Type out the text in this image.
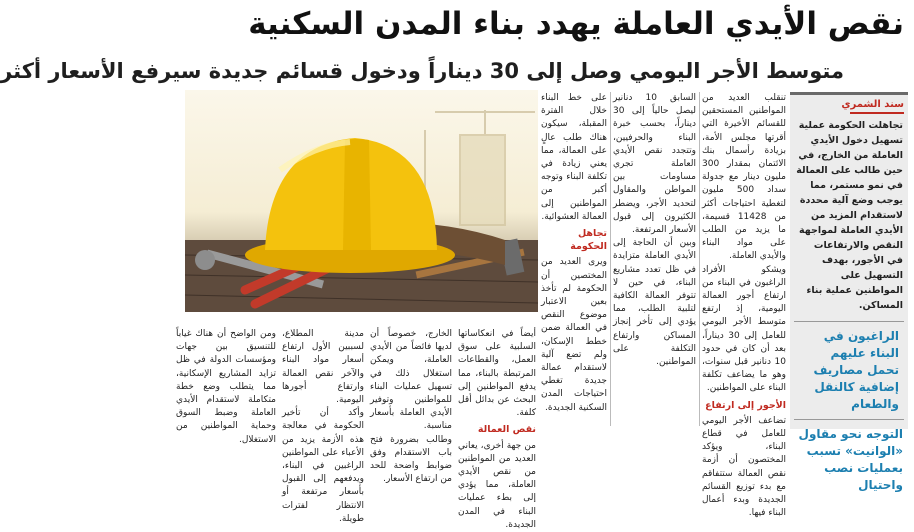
نقص الأيدي العاملة يهدد بناء المدن السكنية
متوسط الأجر اليومي وصل إلى 30 ديناراً ودخول قسائم جديدة سيرفع الأسعار أكثر
سند الشمري
تجاهلت الحكومة عملية تسهيل دخول الأيدي العاملة من الخارج، في حين طالب على العمالة في نمو مستمر، مما يوجب وضع آلية محددة لاستقدام المزيد من الأيدي العاملة لمواجهة النقص والارتفاعات في الأجور، بهدف التسهيل على المواطنين عملية بناء المساكن.
الراغبون في البناء عليهم تحمل مصاريف إضافية كالنقل والطعام
التوجه نحو مقاول «الوانيت» تسبب بعمليات نصب واحتيال

تنقلب العديد من المواطنين المستحقين للقسائم الأخيرة التي أقرتها مجلس الأمة، بزيادة رأسمال بنك الائتمان بمقدار 300 مليون دينار مع جدولة سداد 500 مليون لتغطية احتياجات أكثر من 11428 قسيمة، ما يزيد من الطلب على مواد البناء والأيدي العاملة.

ويشكو الأفراد الراغبون في البناء من ارتفاع أجور العمالة اليومية، إذ ارتفع متوسط الأجر اليومي للعامل إلى 30 ديناراً، بعد أن كان في حدود 10 دنانير قبل سنوات، وهو ما يضاعف تكلفة البناء على المواطنين.

الأجور إلى ارتفاع

تضاعف الأجر اليومي للعامل في قطاع البناء، ويؤكد المختصون أن أزمة نقص العمالة ستتفاقم مع بدء توزيع القسائم الجديدة وبدء أعمال البناء فيها.

السابق 10 دنانير ليصل حالياً إلى 30 ديناراً، بحسب خبرة البناء والحرفيين، وتتجدد نقص الأيدي العاملة تجري مساومات بين المواطن والمقاول لتحديد الأجر، ويضطر الكثيرون إلى قبول الأسعار المرتفعة.

وبين أن الحاجة إلى الأيدي العاملة متزايدة في ظل تعدد مشاريع البناء، في حين لا تتوفر العمالة الكافية لتلبية الطلب، مما يؤدي إلى تأخر إنجاز المساكن وارتفاع التكلفة على المواطنين.

على خط البناء خلال الفترة المقبلة، سيكون هناك طلب عالٍ على العمالة، مما يعني زيادة في تكلفة البناء وتوجه أكبر من المواطنين إلى العمالة العشوائية.

تجاهل الحكومة

ويرى العديد من المختصين أن الحكومة لم تأخذ بعين الاعتبار موضوع النقص في العمالة ضمن خطط الإسكان، ولم تضع آلية لاستقدام عمالة جديدة تغطي احتياجات المدن السكنية الجديدة.

أيضاً في انعكاساتها السلبية على سوق العمل، والقطاعات المرتبطة بالبناء، مما يدفع المواطنين إلى البحث عن بدائل أقل كلفة.

نقص العمالة

من جهة أخرى، يعاني العديد من المواطنين من نقص الأيدي العاملة، مما يؤدي إلى بطء عمليات البناء في المدن الجديدة.

الخارج، خصوصاً أن لديها فائضاً من الأيدي العاملة، ويمكن استغلال ذلك في تسهيل عمليات البناء للمواطنين وتوفير الأيدي العاملة بأسعار مناسبة.

وطالب بضرورة فتح باب الاستقدام وفق ضوابط واضحة للحد من ارتفاع الأسعار.

مدينة المطلاع، لسببين الأول ارتفاع أسعار مواد البناء والآخر نقص العمالة وارتفاع أجورها اليومية.

وأكد أن تأخير الحكومة في معالجة هذه الأزمة يزيد من الأعباء على المواطنين الراغبين في البناء، ويدفعهم إلى القبول بأسعار مرتفعة أو الانتظار لفترات طويلة.

ومن الواضح أن هناك غياباً للتنسيق بين جهات ومؤسسات الدولة في ظل تزايد المشاريع الإسكانية، مما يتطلب وضع خطة متكاملة لاستقدام الأيدي العاملة وضبط السوق وحماية المواطنين من الاستغلال.
